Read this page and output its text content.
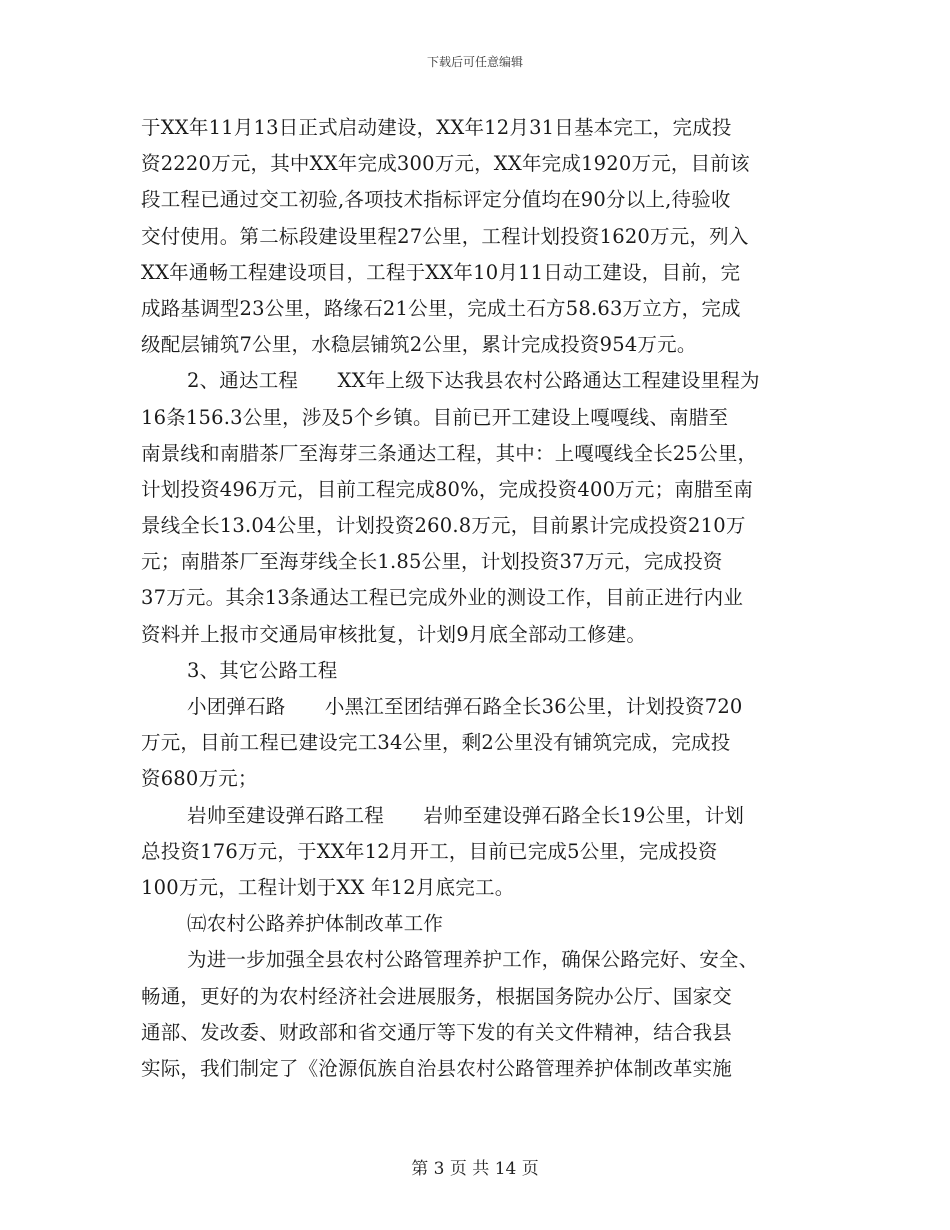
下载后可任意编辑
于XX年11月13日正式启动建设，XX年12月31日基本完工，完成投
资2220万元，其中XX年完成300万元，XX年完成1920万元，目前该
段工程已通过交工初验,各项技术指标评定分值均在90分以上,待验收
交付使用。第二标段建设里程27公里，工程计划投资1620万元，列入
XX年通畅工程建设项目，工程于XX年10月11日动工建设，目前，完
成路基调型23公里，路缘石21公里，完成土石方58.63万立方，完成
级配层铺筑7公里，水稳层铺筑2公里，累计完成投资954万元。
2、通达工程　　XX年上级下达我县农村公路通达工程建设里程为
16条156.3公里，涉及5个乡镇。目前已开工建设上嘎嘎线、南腊至
南景线和南腊茶厂至海芽三条通达工程，其中：上嘎嘎线全长25公里，
计划投资496万元，目前工程完成80%，完成投资400万元；南腊至南
景线全长13.04公里，计划投资260.8万元，目前累计完成投资210万
元；南腊茶厂至海芽线全长1.85公里，计划投资37万元，完成投资
37万元。其余13条通达工程已完成外业的测设工作，目前正进行内业
资料并上报市交通局审核批复，计划9月底全部动工修建。
3、其它公路工程
小团弹石路　　小黑江至团结弹石路全长36公里，计划投资720
万元，目前工程已建设完工34公里，剩2公里没有铺筑完成，完成投
资680万元；
岩帅至建设弹石路工程　　岩帅至建设弹石路全长19公里，计划
总投资176万元，于XX年12月开工，目前已完成5公里，完成投资
100万元，工程计划于XX 年12月底完工。
㈤农村公路养护体制改革工作
为进一步加强全县农村公路管理养护工作，确保公路完好、安全、
畅通，更好的为农村经济社会进展服务，根据国务院办公厅、国家交
通部、发改委、财政部和省交通厅等下发的有关文件精神，结合我县
实际，我们制定了《沧源佤族自治县农村公路管理养护体制改革实施
第 3 页 共 14 页
